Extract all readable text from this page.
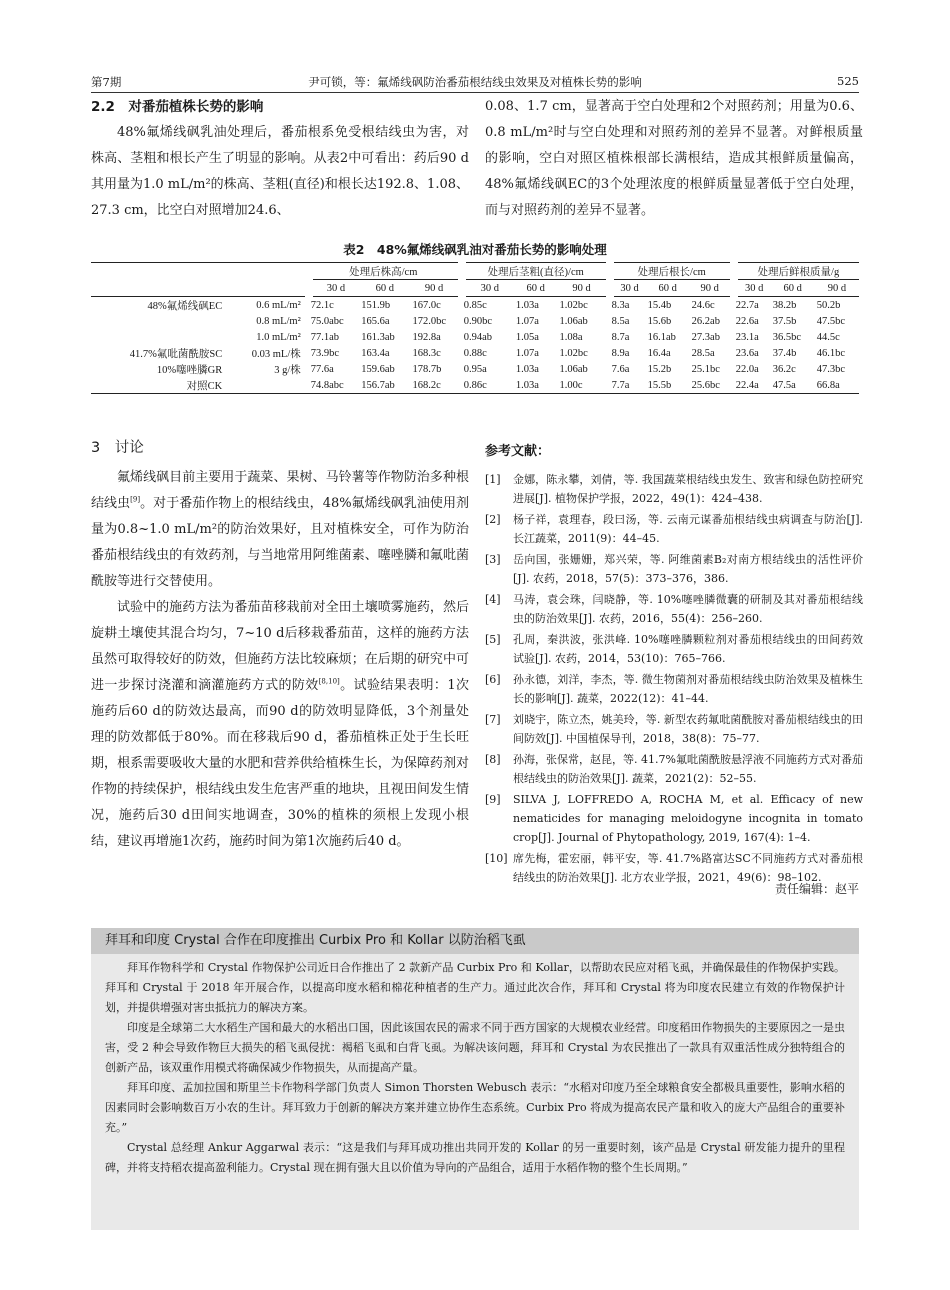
第7期	尹可锁，等：氟烯线砜防治番茄根结线虫效果及对植株长势的影响	525
2.2　对番茄植株长势的影响

48%氟烯线砜乳油处理后，番茄根系免受根结线虫为害，对株高、茎粗和根长产生了明显的影响。从表2中可看出：药后90 d其用量为1.0 mL/m²的株高、茎粗(直径)和根长达192.8、1.08、27.3 cm，比空白对照增加24.6、

0.08、1.7 cm，显著高于空白处理和2个对照药剂；用量为0.6、0.8 mL/m²时与空白处理和对照药剂的差异不显著。对鲜根质量的影响，空白对照区植株根部长满根结，造成其根鲜质量偏高，48%氟烯线砜EC的3个处理浓度的根鲜质量显著低于空白处理，而与对照药剂的差异不显著。

表2　48%氟烯线砜乳油对番茄长势的影响处理
		处理后株高/cm			处理后茎粗(直径)/cm			处理后根长/cm			处理后鲜根质量/g		
		30 d	60 d	90 d	30 d	60 d	90 d	30 d	60 d	90 d	30 d	60 d	90 d
48%氟烯线砜EC	0.6 mL/m²	72.1c	151.9b	167.0c	0.85c	1.03a	1.02bc	8.3a	15.4b	24.6c	22.7a	38.2b	50.2b
	0.8 mL/m²	75.0abc	165.6a	172.0bc	0.90bc	1.07a	1.06ab	8.5a	15.6b	26.2ab	22.6a	37.5b	47.5bc
	1.0 mL/m²	77.1ab	161.3ab	192.8a	0.94ab	1.05a	1.08a	8.7a	16.1ab	27.3ab	23.1a	36.5bc	44.5c
41.7%氟吡菌酰胺SC	0.03 mL/株	73.9bc	163.4a	168.3c	0.88c	1.07a	1.02bc	8.9a	16.4a	28.5a	23.6a	37.4b	46.1bc
10%噻唑膦GR	3 g/株	77.6a	159.6ab	178.7b	0.95a	1.03a	1.06ab	7.6a	15.2b	25.1bc	22.0a	36.2c	47.3bc
对照CK		74.8abc	156.7ab	168.2c	0.86c	1.03a	1.00c	7.7a	15.5b	25.6bc	22.4a	47.5a	66.8a
3　讨论

氟烯线砜目前主要用于蔬菜、果树、马铃薯等作物防治多种根结线虫[9]。对于番茄作物上的根结线虫，48%氟烯线砜乳油使用剂量为0.8~1.0 mL/m²的防治效果好，且对植株安全，可作为防治番茄根结线虫的有效药剂，与当地常用阿维菌素、噻唑膦和氟吡菌酰胺等进行交替使用。

试验中的施药方法为番茄苗移栽前对全田土壤喷雾施药，然后旋耕土壤使其混合均匀，7~10 d后移栽番茄苗，这样的施药方法虽然可取得较好的防效，但施药方法比较麻烦；在后期的研究中可进一步探讨浇灌和滴灌施药方式的防效[8,10]。试验结果表明：1次施药后60 d的防效达最高，而90 d的防效明显降低，3个剂量处理的防效都低于80%。而在移栽后90 d，番茄植株正处于生长旺期，根系需要吸收大量的水肥和营养供给植株生长，为保障药剂对作物的持续保护，根结线虫发生危害严重的地块，且视田间发生情况，施药后30 d田间实地调查，30%的植株的须根上发现小根结，建议再增施1次药，施药时间为第1次施药后40 d。

参考文献：
[1] 金娜，陈永攀，刘倩，等. 我国蔬菜根结线虫发生、致害和绿色防控研究进展[J]. 植物保护学报，2022，49(1)：424–438.
[2] 杨子祥，袁理春，段曰汤，等. 云南元谋番茄根结线虫病调查与防治[J]. 长江蔬菜，2011(9)：44–45.
[3] 岳向国，张姗姗，郑兴荣，等. 阿维菌素B₂对南方根结线虫的活性评价[J]. 农药，2018，57(5)：373–376，386.
[4] 马涛，袁会珠，闫晓静，等. 10%噻唑膦微囊的研制及其对番茄根结线虫的防治效果[J]. 农药，2016，55(4)：256–260.
[5] 孔周，秦洪波，张洪峰. 10%噻唑膦颗粒剂对番茄根结线虫的田间药效试验[J]. 农药，2014，53(10)：765–766.
[6] 孙永德，刘洋，李杰，等. 微生物菌剂对番茄根结线虫防治效果及植株生长的影响[J]. 蔬菜，2022(12)：41–44.
[7] 刘晓宇，陈立杰，姚美玲，等. 新型农药氟吡菌酰胺对番茄根结线虫的田间防效[J]. 中国植保导刊，2018，38(8)：75–77.
[8] 孙海，张保常，赵昆，等. 41.7%氟吡菌酰胺悬浮液不同施药方式对番茄根结线虫的防治效果[J]. 蔬菜，2021(2)：52–55.
[9] SILVA J, LOFFREDO A, ROCHA M, et al. Efficacy of new nematicides for managing meloidogyne incognita in tomato crop[J]. Journal of Phytopathology, 2019, 167(4): 1–4.
[10] 席先梅，霍宏丽，韩平安，等. 41.7%路富达SC不同施药方式对番茄根结线虫的防治效果[J]. 北方农业学报，2021，49(6)：98–102.
责任编辑：赵平
拜耳和印度 Crystal 合作在印度推出 Curbix Pro 和 Kollar 以防治稻飞虱

拜耳作物科学和 Crystal 作物保护公司近日合作推出了 2 款新产品 Curbix Pro 和 Kollar，以帮助农民应对稻飞虱，并确保最佳的作物保护实践。拜耳和 Crystal 于 2018 年开展合作，以提高印度水稻和棉花种植者的生产力。通过此次合作，拜耳和 Crystal 将为印度农民建立有效的作物保护计划，并提供增强对害虫抵抗力的解决方案。

印度是全球第二大水稻生产国和最大的水稻出口国，因此该国农民的需求不同于西方国家的大规模农业经营。印度稻田作物损失的主要原因之一是虫害，受 2 种会导致作物巨大损失的稻飞虱侵扰：褐稻飞虱和白背飞虱。为解决该问题，拜耳和 Crystal 为农民推出了一款具有双重活性成分独特组合的创新产品，该双重作用模式将确保减少作物损失，从而提高产量。

拜耳印度、孟加拉国和斯里兰卡作物科学部门负责人 Simon Thorsten Webusch 表示：“水稻对印度乃至全球粮食安全都极具重要性，影响水稻的因素同时会影响数百万小农的生计。拜耳致力于创新的解决方案并建立协作生态系统。Curbix Pro 将成为提高农民产量和收入的庞大产品组合的重要补充。”

Crystal 总经理 Ankur Aggarwal 表示：“这是我们与拜耳成功推出共同开发的 Kollar 的另一重要时刻，该产品是 Crystal 研发能力提升的里程碑，并将支持稻农提高盈利能力。Crystal 现在拥有强大且以价值为导向的产品组合，适用于水稻作物的整个生长周期。”
